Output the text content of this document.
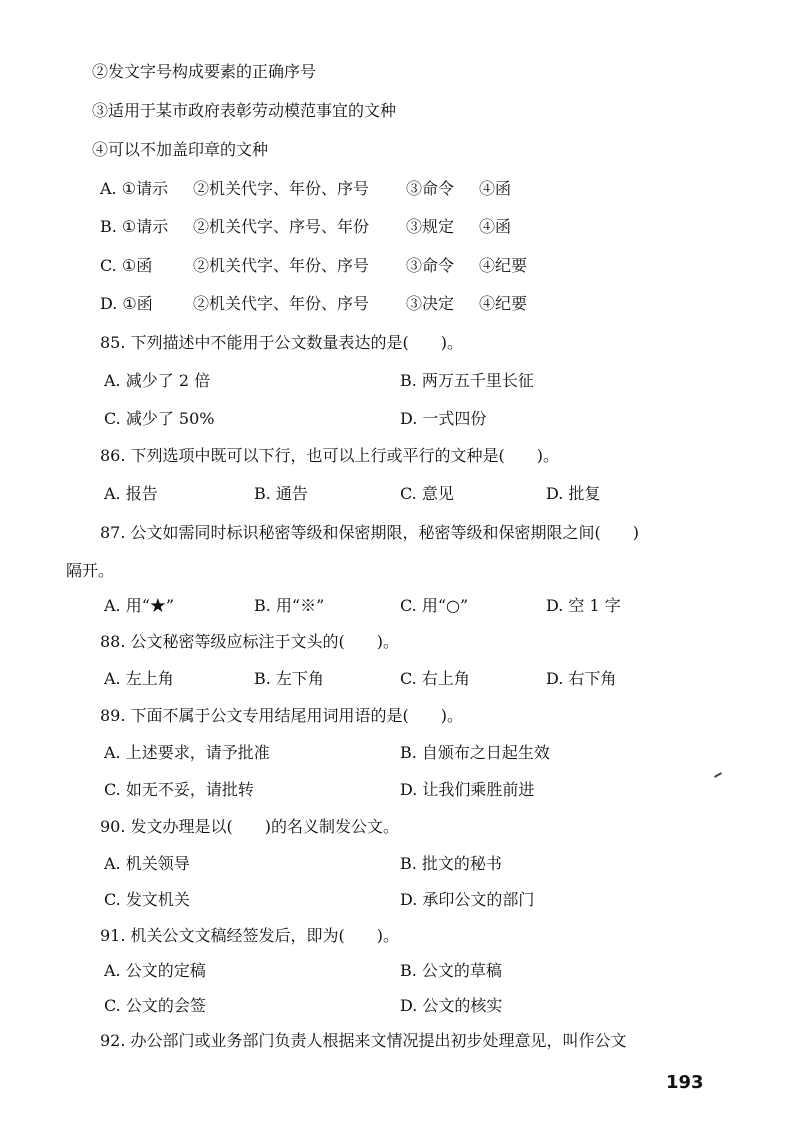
②发文字号构成要素的正确序号
③适用于某市政府表彰劳动模范事宜的文种
④可以不加盖印章的文种
A. ①请示 ②机关代字、年份、序号 ③命令 ④函
B. ①请示 ②机关代字、序号、年份 ③规定 ④函
C. ①函	②机关代字、年份、序号 ③命令 ④纪要
D. ①函	②机关代字、年份、序号 ③决定 ④纪要
85. 下列描述中不能用于公文数量表达的是(　　)。
A. 减少了 2 倍	B. 两万五千里长征
C. 减少了 50%	D. 一式四份
86. 下列选项中既可以下行，也可以上行或平行的文种是(　　)。
A. 报告	B. 通告	C. 意见	D. 批复
87. 公文如需同时标识秘密等级和保密期限，秘密等级和保密期限之间(　　)
隔开。
A. 用“★”	B. 用“※”	C. 用“○”	D. 空 1 字
88. 公文秘密等级应标注于文头的(　　)。
A. 左上角	B. 左下角	C. 右上角	D. 右下角
89. 下面不属于公文专用结尾用词用语的是(　　)。
A. 上述要求，请予批准	B. 自颁布之日起生效
C. 如无不妥，请批转	D. 让我们乘胜前进
90. 发文办理是以(　　)的名义制发公文。
A. 机关领导	B. 批文的秘书
C. 发文机关	D. 承印公文的部门
91. 机关公文文稿经签发后，即为(　　)。
A. 公文的定稿	B. 公文的草稿
C. 公文的会签	D. 公文的核实
92. 办公部门或业务部门负责人根据来文情况提出初步处理意见，叫作公文
193
